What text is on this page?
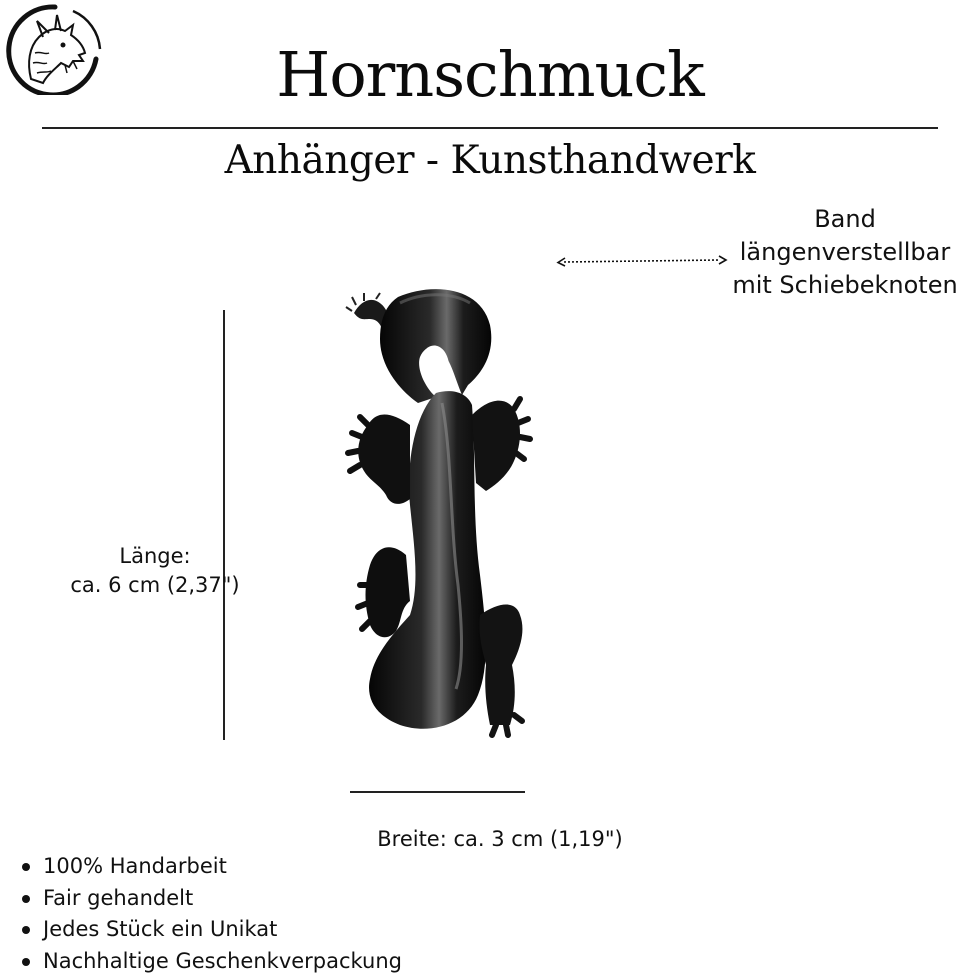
Hornschmuck
Anhänger - Kunsthandwerk
Band
längenverstellbar
mit Schiebeknoten
Länge:
ca. 6 cm (2,37")
Breite: ca. 3 cm (1,19")
100% Handarbeit
Fair gehandelt
Jedes Stück ein Unikat
Nachhaltige Geschenkverpackung
